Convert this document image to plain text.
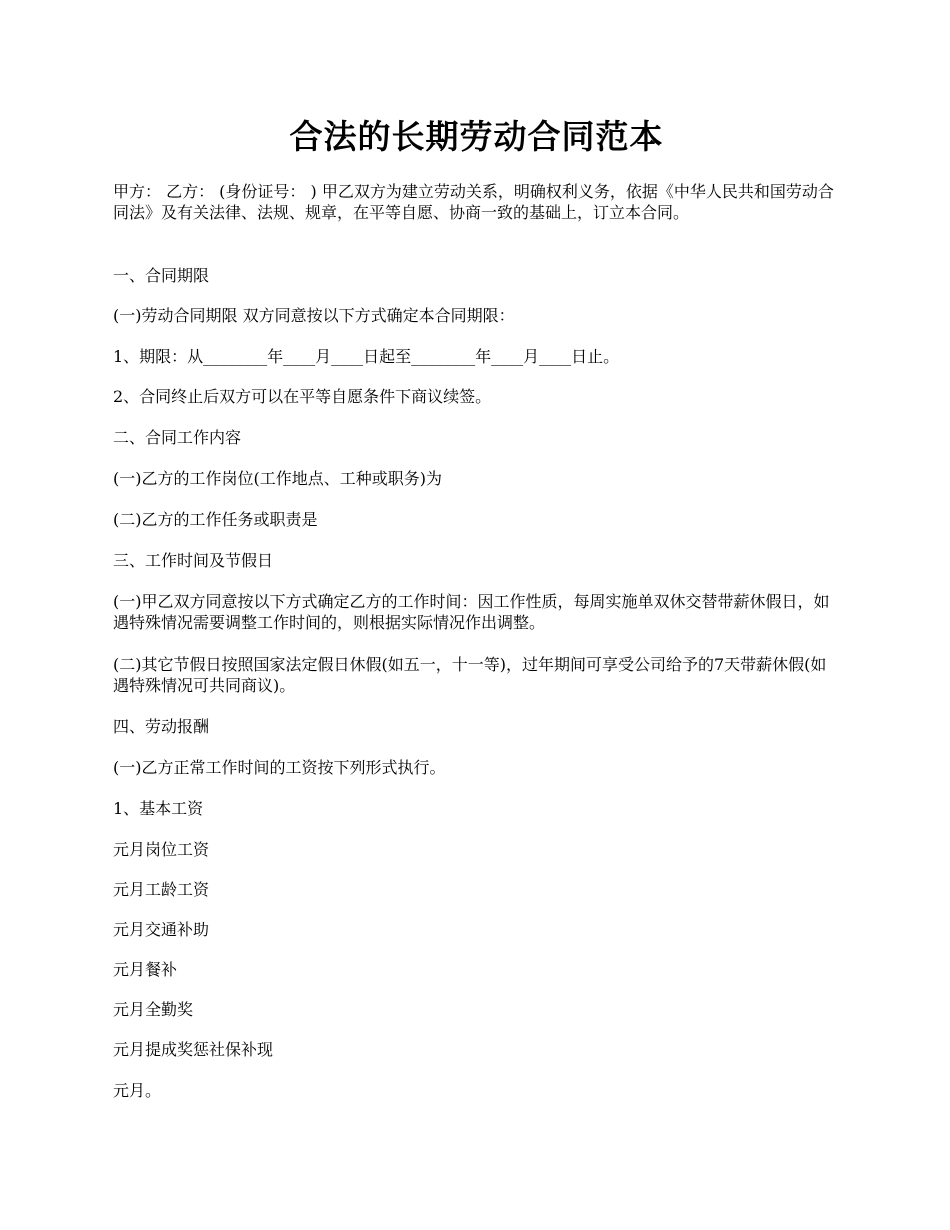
合法的长期劳动合同范本
甲方： 乙方： (身份证号： ) 甲乙双方为建立劳动关系，明确权利义务，依据《中华人民共和国劳动合同法》及有关法律、法规、规章，在平等自愿、协商一致的基础上，订立本合同。
一、合同期限
(一)劳动合同期限 双方同意按以下方式确定本合同期限：
1、期限：从________年____月____日起至________年____月____日止。
2、合同终止后双方可以在平等自愿条件下商议续签。
二、合同工作内容
(一)乙方的工作岗位(工作地点、工种或职务)为
(二)乙方的工作任务或职责是
三、工作时间及节假日
(一)甲乙双方同意按以下方式确定乙方的工作时间：因工作性质，每周实施单双休交替带薪休假日，如遇特殊情况需要调整工作时间的，则根据实际情况作出调整。
(二)其它节假日按照国家法定假日休假(如五一，十一等)，过年期间可享受公司给予的7天带薪休假(如遇特殊情况可共同商议)。
四、劳动报酬
(一)乙方正常工作时间的工资按下列形式执行。
1、基本工资
元月岗位工资
元月工龄工资
元月交通补助
元月餐补
元月全勤奖
元月提成奖惩社保补现
元月。
